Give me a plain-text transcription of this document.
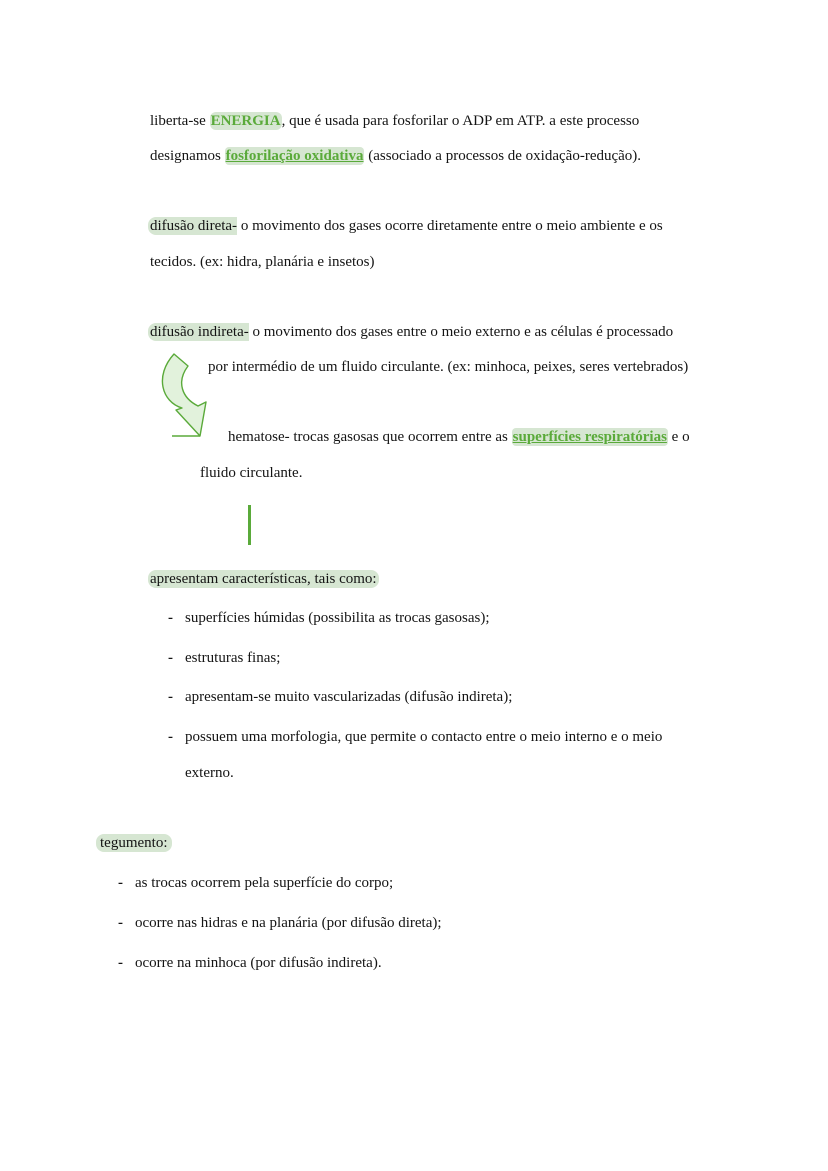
liberta-se ENERGIA, que é usada para fosforilar o ADP em ATP. a este processo
designamos fosforilação oxidativa (associado a processos de oxidação-redução).
difusão direta- o movimento dos gases ocorre diretamente entre o meio ambiente e os
tecidos. (ex: hidra, planária e insetos)
difusão indireta- o movimento dos gases entre o meio externo e as células é processado
por intermédio de um fluido circulante. (ex: minhoca, peixes, seres vertebrados)
hematose- trocas gasosas que ocorrem entre as superfícies respiratórias e o
fluido circulante.
apresentam características, tais como:
- superfícies húmidas (possibilita as trocas gasosas);
- estruturas finas;
- apresentam-se muito vascularizadas (difusão indireta);
- possuem uma morfologia, que permite o contacto entre o meio interno e o meio
externo.
tegumento:
- as trocas ocorrem pela superfície do corpo;
- ocorre nas hidras e na planária (por difusão direta);
- ocorre na minhoca (por difusão indireta).
